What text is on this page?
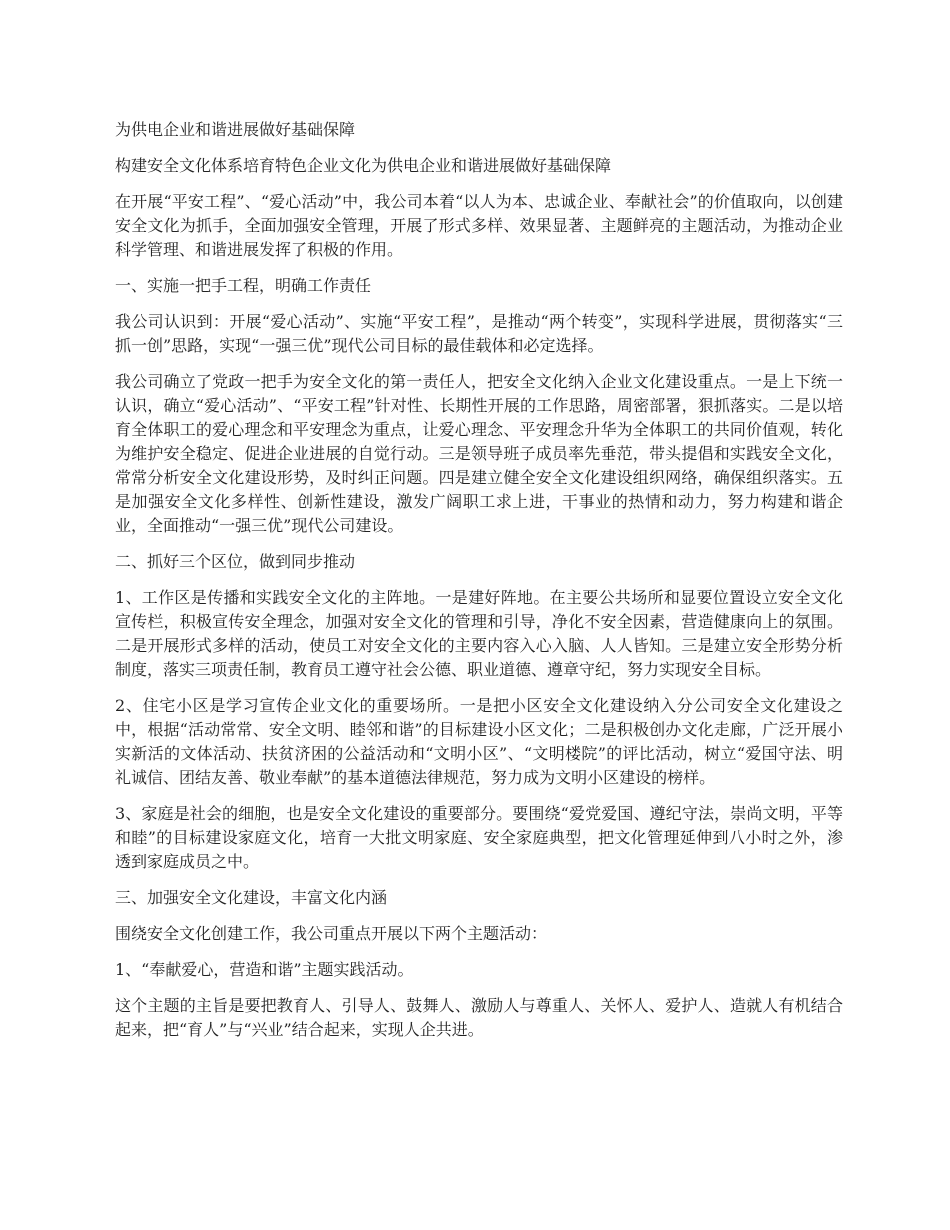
为供电企业和谐进展做好基础保障

构建安全文化体系培育特色企业文化为供电企业和谐进展做好基础保障

在开展“平安工程”、“爱心活动”中，我公司本着“以人为本、忠诚企业、奉献社会”的价值取向，以创建安全文化为抓手，全面加强安全管理，开展了形式多样、效果显著、主题鲜亮的主题活动，为推动企业科学管理、和谐进展发挥了积极的作用。

一、实施一把手工程，明确工作责任

我公司认识到：开展“爱心活动”、实施“平安工程”，是推动“两个转变”，实现科学进展，贯彻落实“三抓一创”思路，实现“一强三优”现代公司目标的最佳载体和必定选择。

我公司确立了党政一把手为安全文化的第一责任人，把安全文化纳入企业文化建设重点。一是上下统一认识，确立“爱心活动”、“平安工程”针对性、长期性开展的工作思路，周密部署，狠抓落实。二是以培育全体职工的爱心理念和平安理念为重点，让爱心理念、平安理念升华为全体职工的共同价值观，转化为维护安全稳定、促进企业进展的自觉行动。三是领导班子成员率先垂范，带头提倡和实践安全文化，常常分析安全文化建设形势，及时纠正问题。四是建立健全安全文化建设组织网络，确保组织落实。五是加强安全文化多样性、创新性建设，激发广阔职工求上进，干事业的热情和动力，努力构建和谐企业，全面推动“一强三优”现代公司建设。

二、抓好三个区位，做到同步推动

1、工作区是传播和实践安全文化的主阵地。一是建好阵地。在主要公共场所和显要位置设立安全文化宣传栏，积极宣传安全理念，加强对安全文化的管理和引导，净化不安全因素，营造健康向上的氛围。二是开展形式多样的活动，使员工对安全文化的主要内容入心入脑、人人皆知。三是建立安全形势分析制度，落实三项责任制，教育员工遵守社会公德、职业道德、遵章守纪，努力实现安全目标。

2、住宅小区是学习宣传企业文化的重要场所。一是把小区安全文化建设纳入分公司安全文化建设之中，根据“活动常常、安全文明、睦邻和谐”的目标建设小区文化；二是积极创办文化走廊，广泛开展小实新活的文体活动、扶贫济困的公益活动和“文明小区”、“文明楼院”的评比活动，树立“爱国守法、明礼诚信、团结友善、敬业奉献”的基本道德法律规范，努力成为文明小区建设的榜样。

3、家庭是社会的细胞，也是安全文化建设的重要部分。要围绕“爱党爱国、遵纪守法，崇尚文明，平等和睦”的目标建设家庭文化，培育一大批文明家庭、安全家庭典型，把文化管理延伸到八小时之外，渗透到家庭成员之中。

三、加强安全文化建设，丰富文化内涵

围绕安全文化创建工作，我公司重点开展以下两个主题活动：

1、“奉献爱心，营造和谐”主题实践活动。

这个主题的主旨是要把教育人、引导人、鼓舞人、激励人与尊重人、关怀人、爱护人、造就人有机结合起来，把“育人”与“兴业”结合起来，实现人企共进。
